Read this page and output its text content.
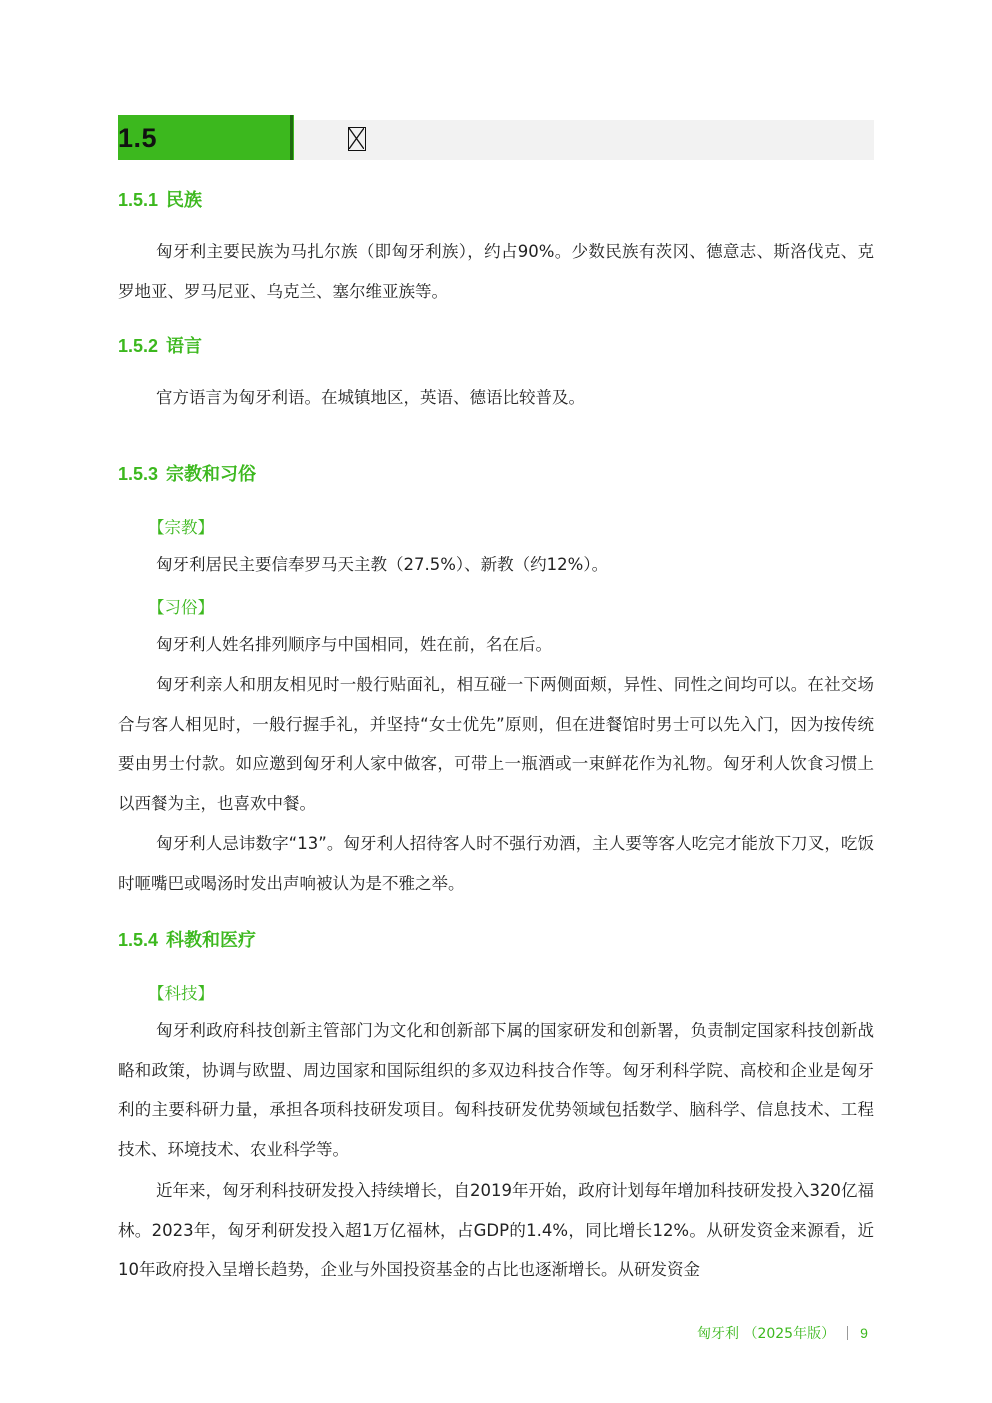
1.5
1.5.1 民族

匈牙利主要民族为马扎尔族（即匈牙利族），约占90%。少数民族有茨冈、德意志、斯洛伐克、克罗地亚、罗马尼亚、乌克兰、塞尔维亚族等。

1.5.2 语言

官方语言为匈牙利语。在城镇地区，英语、德语比较普及。

1.5.3 宗教和习俗
【宗教】

匈牙利居民主要信奉罗马天主教（27.5%）、新教（约12%）。

【习俗】

匈牙利人姓名排列顺序与中国相同，姓在前，名在后。

匈牙利亲人和朋友相见时一般行贴面礼，相互碰一下两侧面颊，异性、同性之间均可以。在社交场合与客人相见时，一般行握手礼，并坚持“女士优先”原则，但在进餐馆时男士可以先入门，因为按传统要由男士付款。如应邀到匈牙利人家中做客，可带上一瓶酒或一束鲜花作为礼物。匈牙利人饮食习惯上以西餐为主，也喜欢中餐。

匈牙利人忌讳数字“13”。匈牙利人招待客人时不强行劝酒，主人要等客人吃完才能放下刀叉，吃饭时咂嘴巴或喝汤时发出声响被认为是不雅之举。

1.5.4 科教和医疗
【科技】

匈牙利政府科技创新主管部门为文化和创新部下属的国家研发和创新署，负责制定国家科技创新战略和政策，协调与欧盟、周边国家和国际组织的多双边科技合作等。匈牙利科学院、高校和企业是匈牙利的主要科研力量，承担各项科技研发项目。匈科技研发优势领域包括数学、脑科学、信息技术、工程技术、环境技术、农业科学等。

近年来，匈牙利科技研发投入持续增长，自2019年开始，政府计划每年增加科技研发投入320亿福林。2023年，匈牙利研发投入超1万亿福林，占GDP的1.4%，同比增长12%。从研发资金来源看，近10年政府投入呈增长趋势，企业与外国投资基金的占比也逐渐增长。从研发资金

匈牙利 （2025年版） 9
